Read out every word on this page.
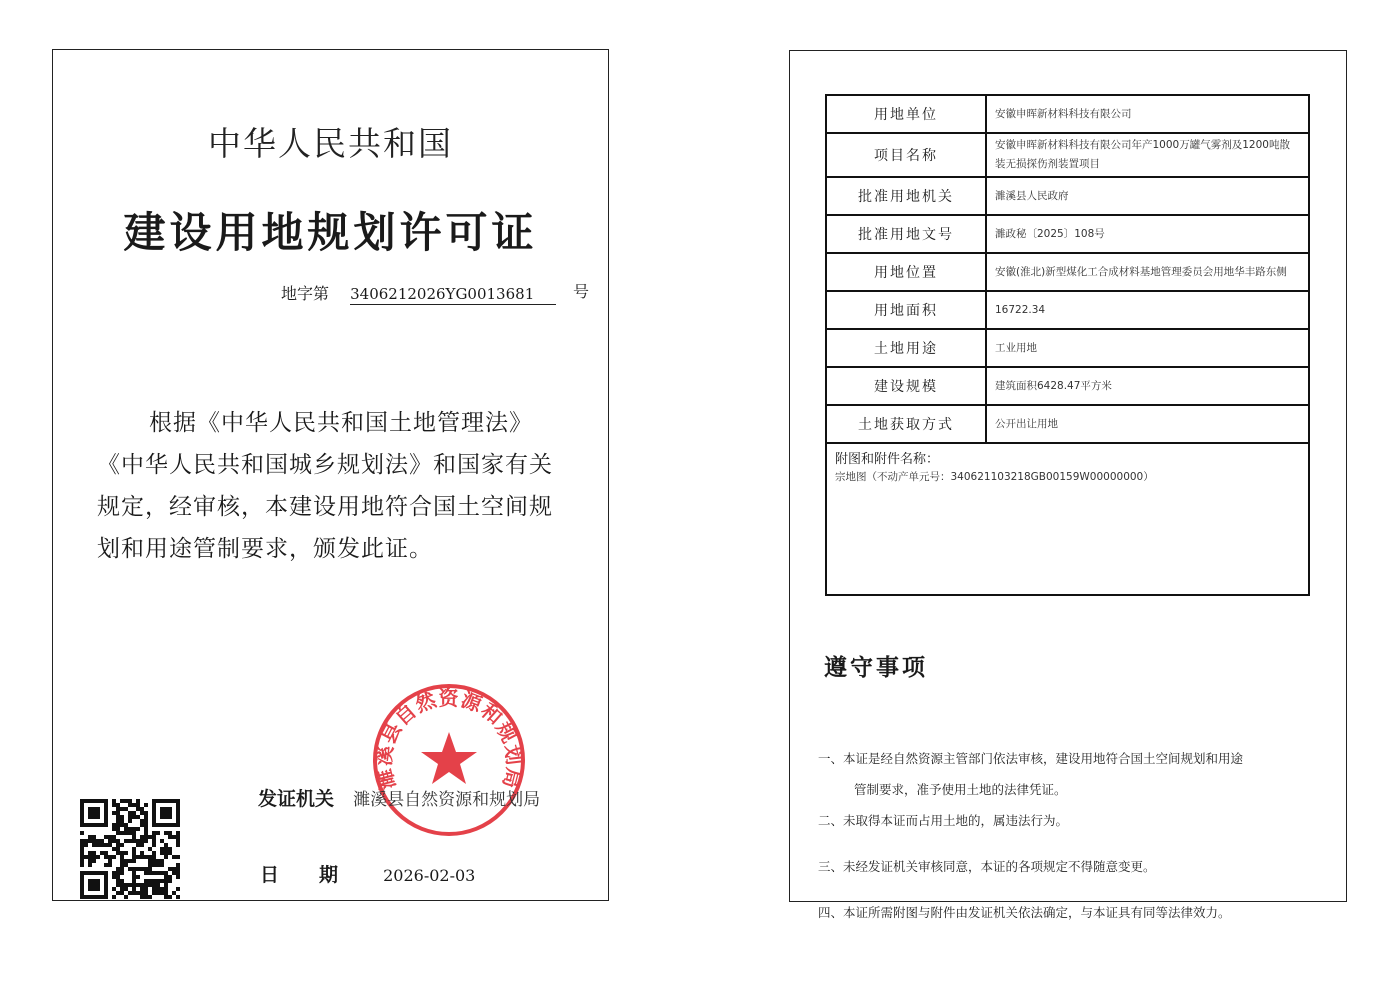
中华人民共和国
建设用地规划许可证
地字第 3406212026YG0013681 号

根据《中华人民共和国土地管理法》

《中华人民共和国城乡规划法》和国家有关规定，经审核，本建设用地符合国土空间规划和用途管制要求，颁发此证。

濉溪县自然资源和规划局
发证机关 濉溪县自然资源和规划局
日期 2026-02-03
用地单位	安徽申晖新材料科技有限公司
项目名称	安徽申晖新材料科技有限公司年产1000万罐气雾剂及1200吨散装无损探伤剂装置项目
批准用地机关	濉溪县人民政府
批准用地文号	濉政秘〔2025〕108号
用地位置	安徽(淮北)新型煤化工合成材料基地管理委员会用地华丰路东侧
用地面积	16722.34
土地用途	工业用地
建设规模	建筑面积6428.47平方米
土地获取方式	公开出让用地

附图和附件名称：
宗地图（不动产单元号：340621103218GB00159W00000000）	
遵守事项
一、本证是经自然资源主管部门依法审核，建设用地符合国土空间规划和用途
管制要求，准予使用土地的法律凭证。
二、未取得本证而占用土地的，属违法行为。
三、未经发证机关审核同意，本证的各项规定不得随意变更。
四、本证所需附图与附件由发证机关依法确定，与本证具有同等法律效力。
